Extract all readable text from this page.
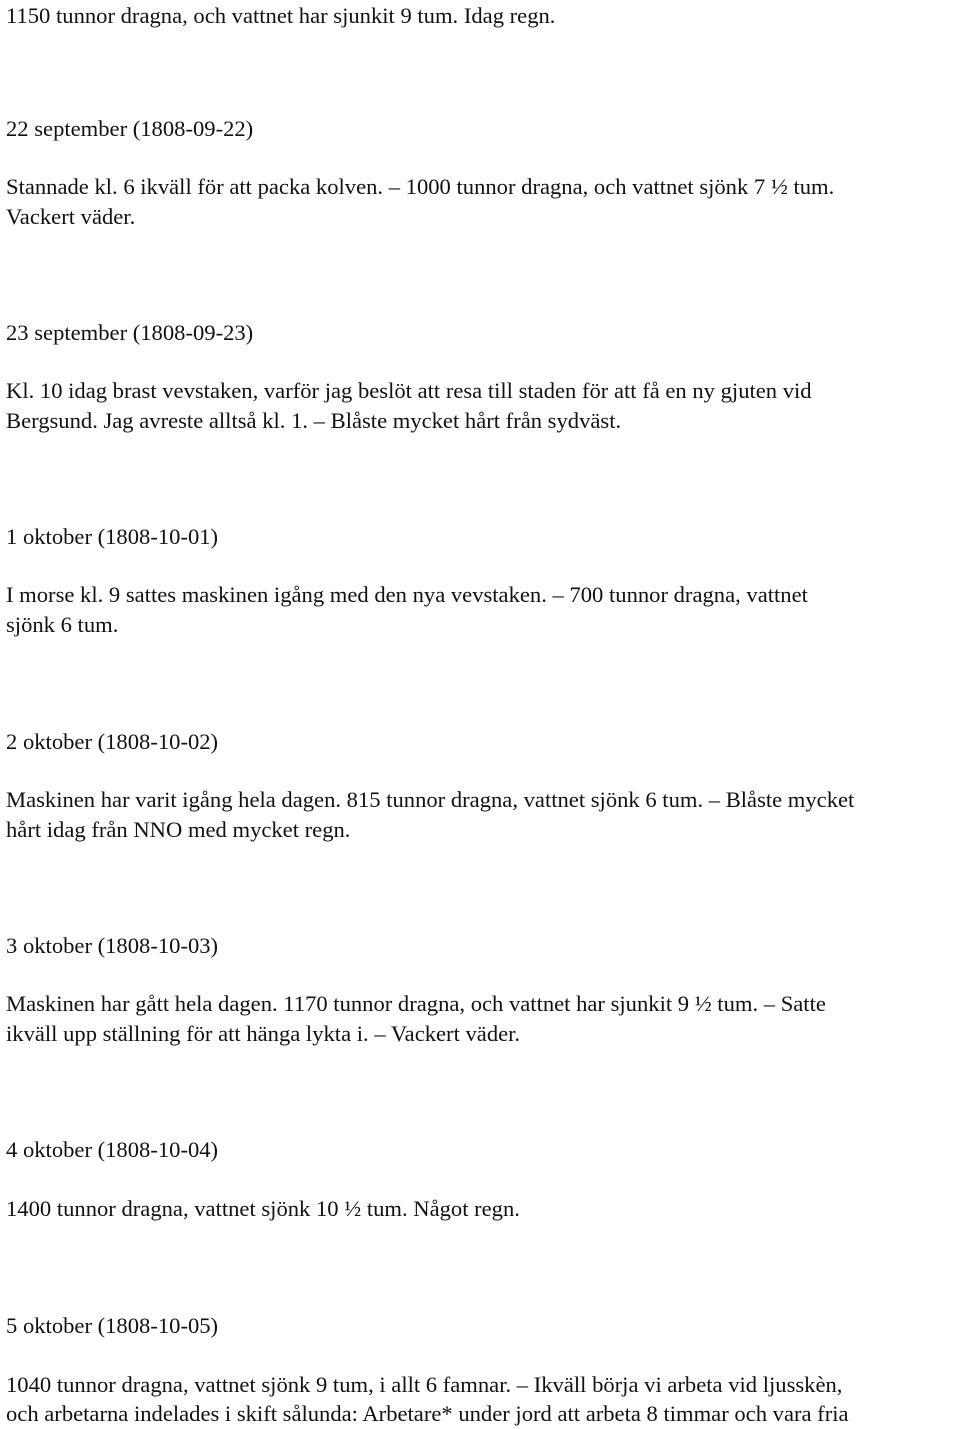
1150 tunnor dragna, och vattnet har sjunkit 9 tum. Idag regn.

22 september (1808-09-22)

Stannade kl. 6 ikväll för att packa kolven. – 1000 tunnor dragna, och vattnet sjönk 7 ½ tum.

Vackert väder.

23 september (1808-09-23)

Kl. 10 idag brast vevstaken, varför jag beslöt att resa till staden för att få en ny gjuten vid

Bergsund. Jag avreste alltså kl. 1. – Blåste mycket hårt från sydväst.

1 oktober (1808-10-01)

I morse kl. 9 sattes maskinen igång med den nya vevstaken. – 700 tunnor dragna, vattnet

sjönk 6 tum.

2 oktober (1808-10-02)

Maskinen har varit igång hela dagen. 815 tunnor dragna, vattnet sjönk 6 tum. – Blåste mycket

hårt idag från NNO med mycket regn.

3 oktober (1808-10-03)

Maskinen har gått hela dagen. 1170 tunnor dragna, och vattnet har sjunkit 9 ½ tum. – Satte

ikväll upp ställning för att hänga lykta i. – Vackert väder.

4 oktober (1808-10-04)

1400 tunnor dragna, vattnet sjönk 10 ½ tum. Något regn.

5 oktober (1808-10-05)

1040 tunnor dragna, vattnet sjönk 9 tum, i allt 6 famnar. – Ikväll börja vi arbeta vid ljusskèn,

och arbetarna indelades i skift sålunda: Arbetare* under jord att arbeta 8 timmar och vara fria
